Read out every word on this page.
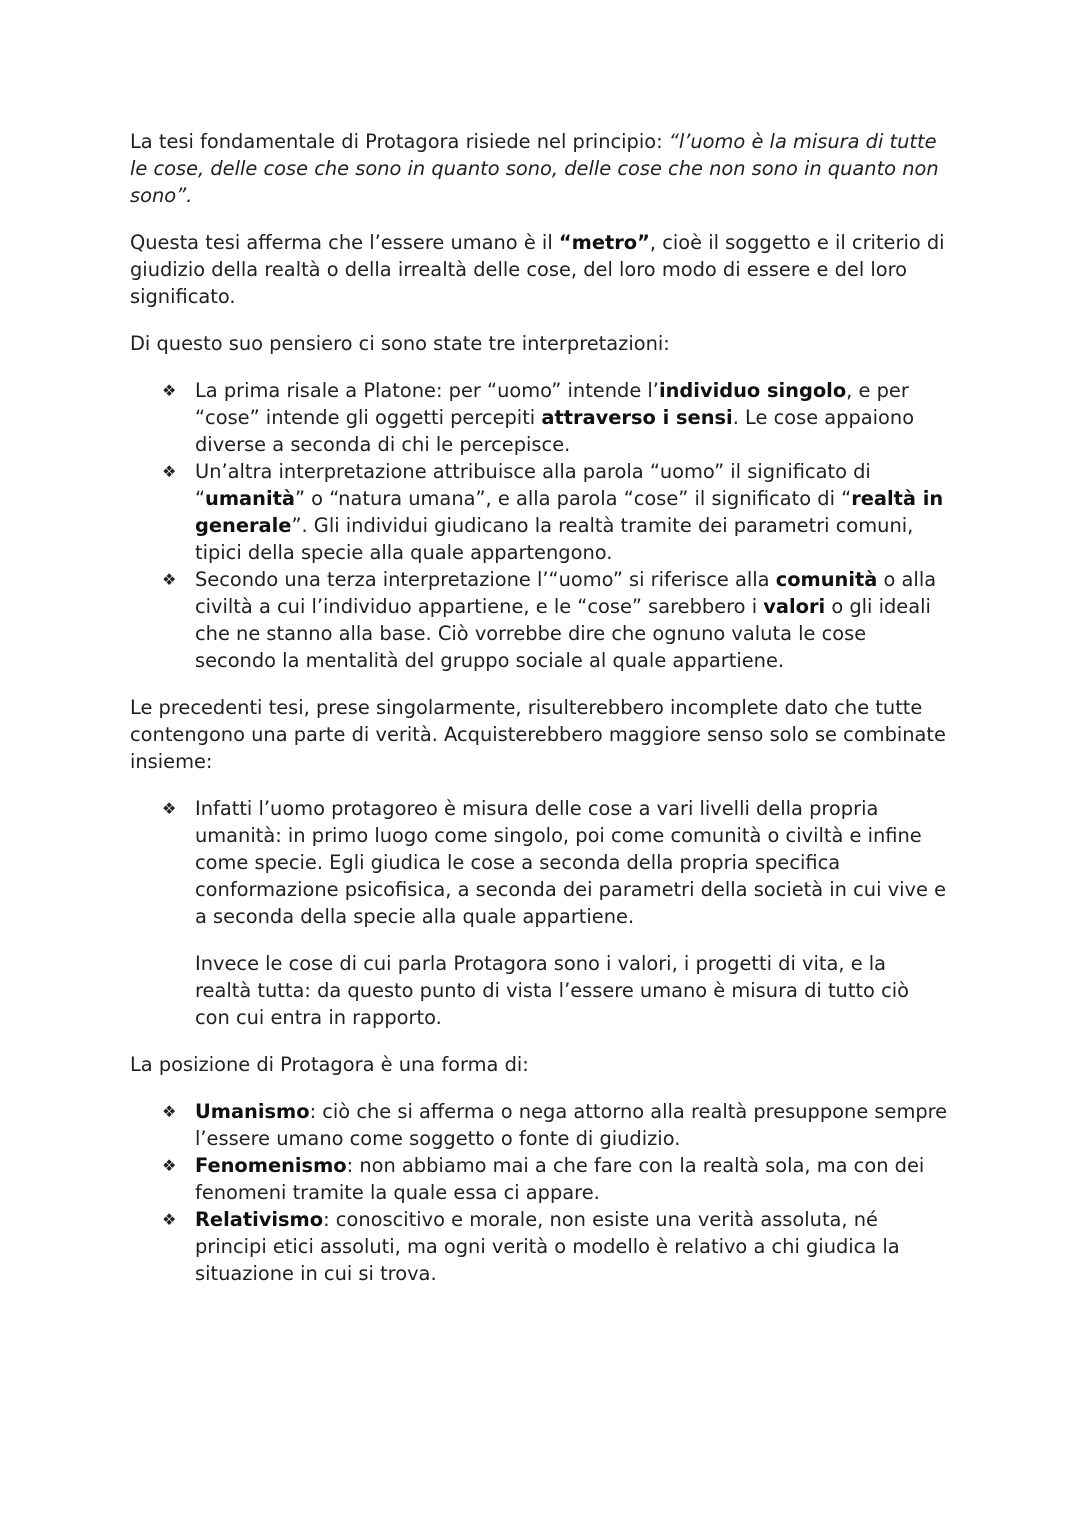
La tesi fondamentale di Protagora risiede nel principio: “l’uomo è la misura di tutte le cose, delle cose che sono in quanto sono, delle cose che non sono in quanto non sono”.

Questa tesi afferma che l’essere umano è il “metro”, cioè il soggetto e il criterio di giudizio della realtà o della irrealtà delle cose, del loro modo di essere e del loro significato.

Di questo suo pensiero ci sono state tre interpretazioni:

❖ La prima risale a Platone: per “uomo” intende l’individuo singolo, e per “cose” intende gli oggetti percepiti attraverso i sensi. Le cose appaiono diverse a seconda di chi le percepisce.
❖ Un’altra interpretazione attribuisce alla parola “uomo” il significato di “umanità” o “natura umana”, e alla parola “cose” il significato di “realtà in generale”. Gli individui giudicano la realtà tramite dei parametri comuni, tipici della specie alla quale appartengono.
❖ Secondo una terza interpretazione l’“uomo” si riferisce alla comunità o alla civiltà a cui l’individuo appartiene, e le “cose” sarebbero i valori o gli ideali che ne stanno alla base. Ciò vorrebbe dire che ognuno valuta le cose secondo la mentalità del gruppo sociale al quale appartiene.

Le precedenti tesi, prese singolarmente, risulterebbero incomplete dato che tutte contengono una parte di verità. Acquisterebbero maggiore senso solo se combinate insieme:

❖ Infatti l’uomo protagoreo è misura delle cose a vari livelli della propria umanità: in primo luogo come singolo, poi come comunità o civiltà e infine come specie. Egli giudica le cose a seconda della propria specifica conformazione psicofisica, a seconda dei parametri della società in cui vive e a seconda della specie alla quale appartiene.

Invece le cose di cui parla Protagora sono i valori, i progetti di vita, e la realtà tutta: da questo punto di vista l’essere umano è misura di tutto ciò con cui entra in rapporto.

La posizione di Protagora è una forma di:

❖ Umanismo: ciò che si afferma o nega attorno alla realtà presuppone sempre l’essere umano come soggetto o fonte di giudizio.
❖ Fenomenismo: non abbiamo mai a che fare con la realtà sola, ma con dei fenomeni tramite la quale essa ci appare.
❖ Relativismo: conoscitivo e morale, non esiste una verità assoluta, né principi etici assoluti, ma ogni verità o modello è relativo a chi giudica la situazione in cui si trova.
